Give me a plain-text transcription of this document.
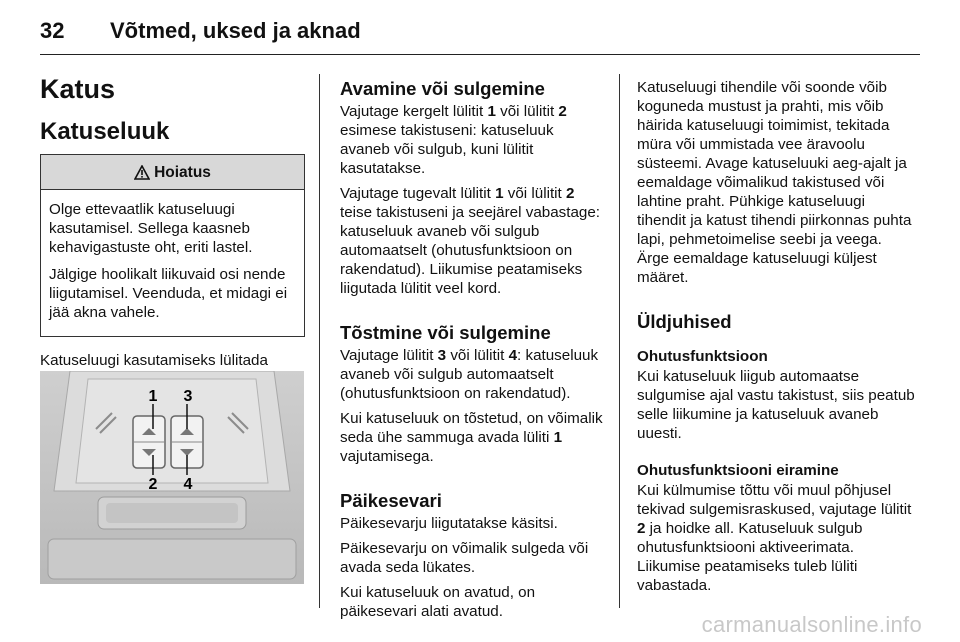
32 Võtmed, uksed ja aknad
Katus
Katuseluuk
Hoiatus

Olge ettevaatlik katuseluugi kasutamisel. Sellega kaasneb kehavigastuste oht, eriti lastel.

Jälgige hoolikalt liikuvaid osi nende liigutamisel. Veenduda, et midagi ei jää akna vahele.

Katuseluugi kasutamiseks lülitada

1 3
2 4
Avamine või sulgemine

Vajutage kergelt lülitit 1 või lülitit 2 esimese takistuseni: katuseluuk avaneb või sulgub, kuni lülitit kasutatakse.

Vajutage tugevalt lülitit 1 või lülitit 2 teise takistuseni ja seejärel vabastage: katuseluuk avaneb või sulgub automaatselt (ohutusfunktsioon on rakendatud). Liikumise peatamiseks liigutada lülitit veel kord.

Tõstmine või sulgemine

Vajutage lülitit 3 või lülitit 4: katuseluuk avaneb või sulgub automaatselt (ohutusfunktsioon on rakendatud).

Kui katuseluuk on tõstetud, on võimalik seda ühe sammuga avada lüliti 1 vajutamisega.

Päikesevari

Päikesevarju liigutatakse käsitsi.

Päikesevarju on võimalik sulgeda või avada seda lükates.

Kui katuseluuk on avatud, on päikesevari alati avatud.

Katuseluugi tihendile või soonde võib koguneda mustust ja prahti, mis võib häirida katuseluugi toimimist, tekitada müra või ummistada vee äravoolu süsteemi. Avage katuseluuki aeg-ajalt ja eemaldage võimalikud takistused või lahtine praht. Pühkige katuseluugi tihendit ja katust tihendi piirkonnas puhta lapi, pehmetoimelise seebi ja veega. Ärge eemaldage katuseluugi küljest määret.

Üldjuhised
Ohutusfunktsioon

Kui katuseluuk liigub automaatse sulgumise ajal vastu takistust, siis peatub selle liikumine ja katuseluuk avaneb uuesti.

Ohutusfunktsiooni eiramine

Kui külmumise tõttu või muul põhjusel tekivad sulgemisraskused, vajutage lülitit 2 ja hoidke all. Katuseluuk sulgub ohutusfunktsiooni aktiveerimata. Liikumise peatamiseks tuleb lüliti vabastada.

carmanualsonline.info
